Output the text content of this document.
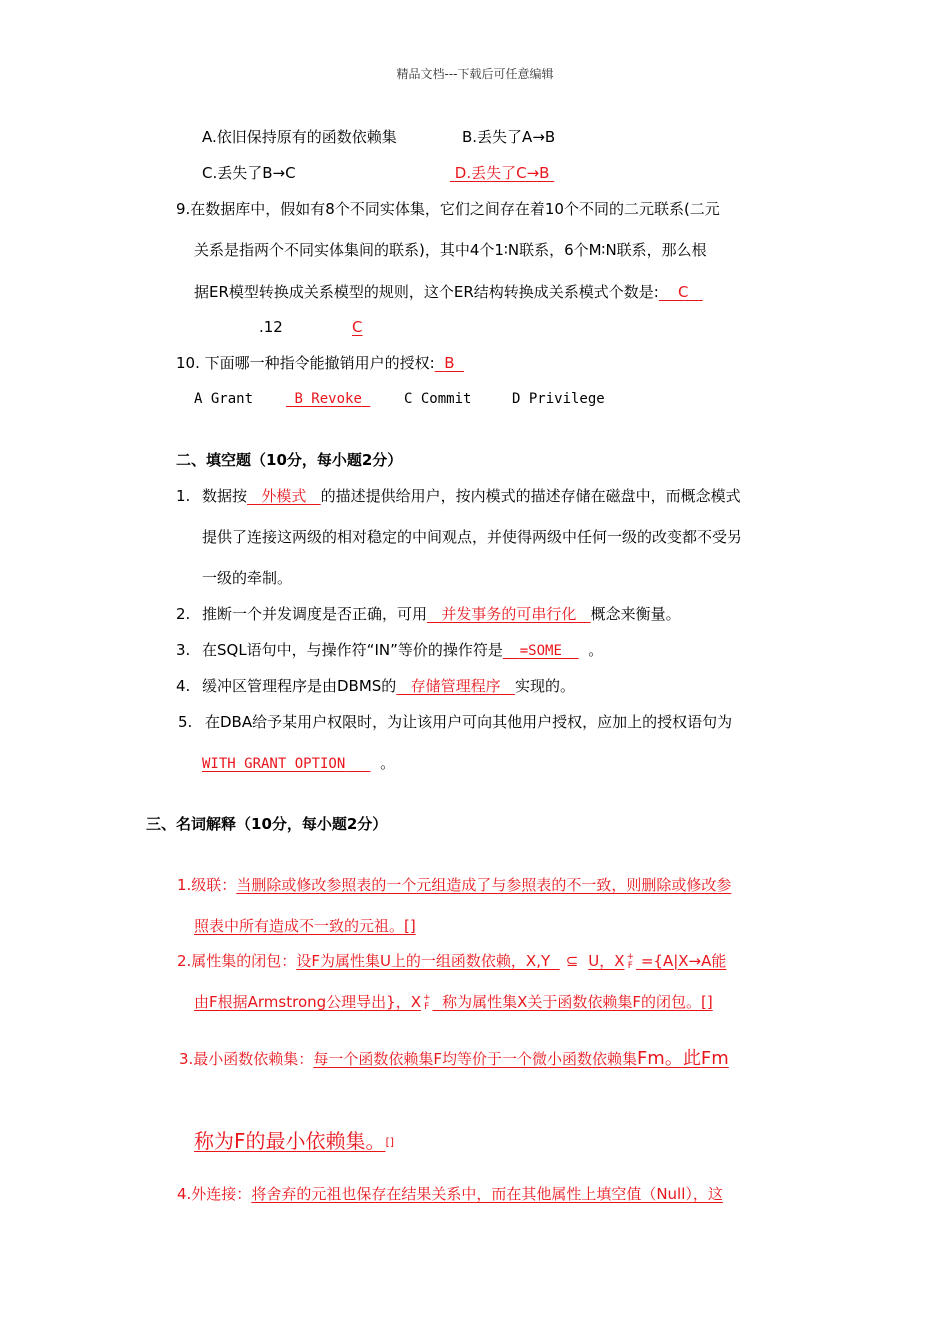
精品文档---下载后可任意编辑
A.依旧保持原有的函数依赖集	B.丢失了A→B
C.丢失了B→C	D.丢失了C→B
9.在数据库中，假如有8个不同实体集，它们之间存在着10个不同的二元联系(二元
关系是指两个不同实体集间的联系)，其中4个1∶N联系，6个M∶N联系，那么根
据ER模型转换成关系模型的规则，这个ER结构转换成关系模式个数是: C
.12	C
10. 下面哪一种指令能撤销用户的授权: B
A Grant	B Revoke	C Commit	D Privilege
二、填空题（10分，每小题2分）
1. 数据按 外模式 的描述提供给用户，按内模式的描述存储在磁盘中，而概念模式
提供了连接这两级的相对稳定的中间观点，并使得两级中任何一级的改变都不受另
一级的牵制。
2. 推断一个并发调度是否正确，可用 并发事务的可串行化 概念来衡量。
3. 在SQL语句中，与操作符“IN”等价的操作符是 =SOME 。
4. 缓冲区管理程序是由DBMS的 存储管理程序 实现的。
5. 在DBA给予某用户权限时，为让该用户可向其他用户授权，应加上的授权语句为
WITH GRANT OPTION 。
三、名词解释（10分，每小题2分）
1.级联：当删除或修改参照表的一个元组造成了与参照表的不一致，则删除或修改参
照表中所有造成不一致的元祖。[]
2.属性集的闭包：设F为属性集U上的一组函数依赖，X,Y ⊆ U，X +
F ={A|X→A能
由F根据Armstrong公理导出}，X +
F 称为属性集X关于函数依赖集F的闭包。[]
3.最小函数依赖集：每一个函数依赖集F均等价于一个微小函数依赖集Fm。此Fm
称为F的最小依赖集。[]
4.外连接：将舍弃的元祖也保存在结果关系中，而在其他属性上填空值（Null），这
